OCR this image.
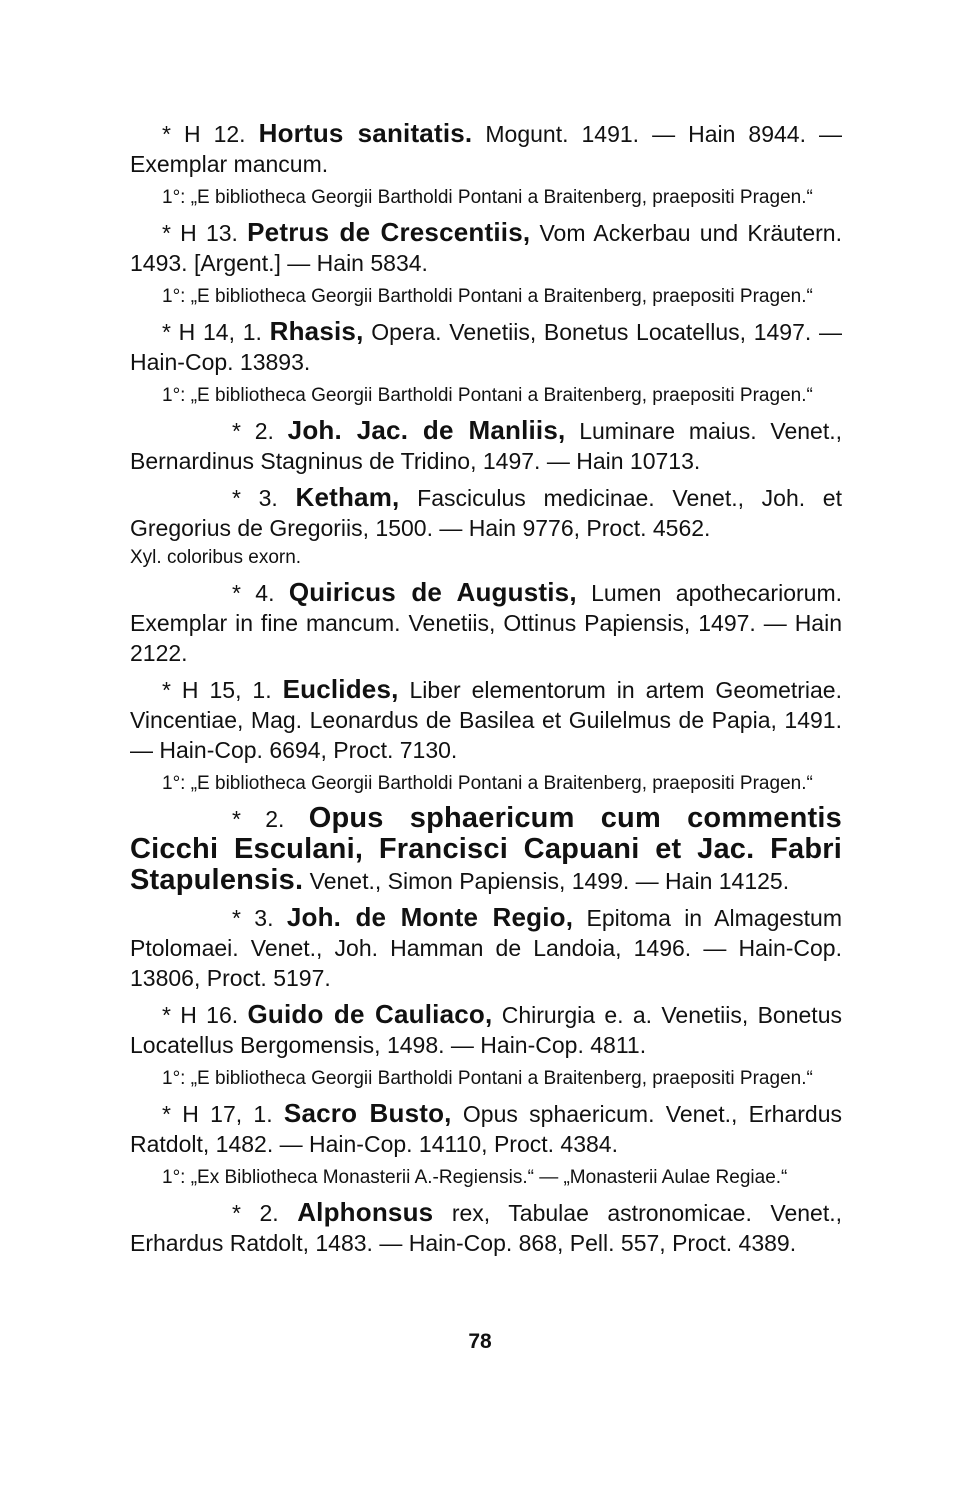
* H 12. Hortus sanitatis. Mogunt. 1491. — Hain 8944. — Exemplar mancum.

1°: „E bibliotheca Georgii Bartholdi Pontani a Braitenberg, praepositi Pragen.“

* H 13. Petrus de Crescentiis, Vom Ackerbau und Kräutern. 1493. [Argent.] — Hain 5834.

1°: „E bibliotheca Georgii Bartholdi Pontani a Braitenberg, praepositi Pragen.“

* H 14, 1. Rhasis, Opera. Venetiis, Bonetus Locatellus, 1497. — Hain-Cop. 13893.

1°: „E bibliotheca Georgii Bartholdi Pontani a Braitenberg, praepositi Pragen.“

* 2. Joh. Jac. de Manliis, Luminare maius. Venet., Bernardinus Stagninus de Tridino, 1497. — Hain 10713.

* 3. Ketham, Fasciculus medicinae. Venet., Joh. et Gregorius de Gregoriis, 1500. — Hain 9776, Proct. 4562.

Xyl. coloribus exorn.

* 4. Quiricus de Augustis, Lumen apothecariorum. Exemplar in fine mancum. Venetiis, Ottinus Papiensis, 1497. — Hain 2122.

* H 15, 1. Euclides, Liber elementorum in artem Geometriae. Vincentiae, Mag. Leonardus de Basilea et Guilelmus de Papia, 1491. — Hain-Cop. 6694, Proct. 7130.

1°: „E bibliotheca Georgii Bartholdi Pontani a Braitenberg, praepositi Pragen.“

* 2. Opus sphaericum cum commentis Cicchi Esculani, Francisci Capuani et Jac. Fabri Stapulensis. Venet., Simon Papiensis, 1499. — Hain 14125.

* 3. Joh. de Monte Regio, Epitoma in Almagestum Ptolomaei. Venet., Joh. Hamman de Landoia, 1496. — Hain-Cop. 13806, Proct. 5197.

* H 16. Guido de Cauliaco, Chirurgia e. a. Venetiis, Bonetus Locatellus Bergomensis, 1498. — Hain-Cop. 4811.

1°: „E bibliotheca Georgii Bartholdi Pontani a Braitenberg, praepositi Pragen.“

* H 17, 1. Sacro Busto, Opus sphaericum. Venet., Erhardus Ratdolt, 1482. — Hain-Cop. 14110, Proct. 4384.

1°: „Ex Bibliotheca Monasterii A.-Regiensis.“ — „Monasterii Aulae Regiae.“

* 2. Alphonsus rex, Tabulae astronomicae. Venet., Erhardus Ratdolt, 1483. — Hain-Cop. 868, Pell. 557, Proct. 4389.

78
